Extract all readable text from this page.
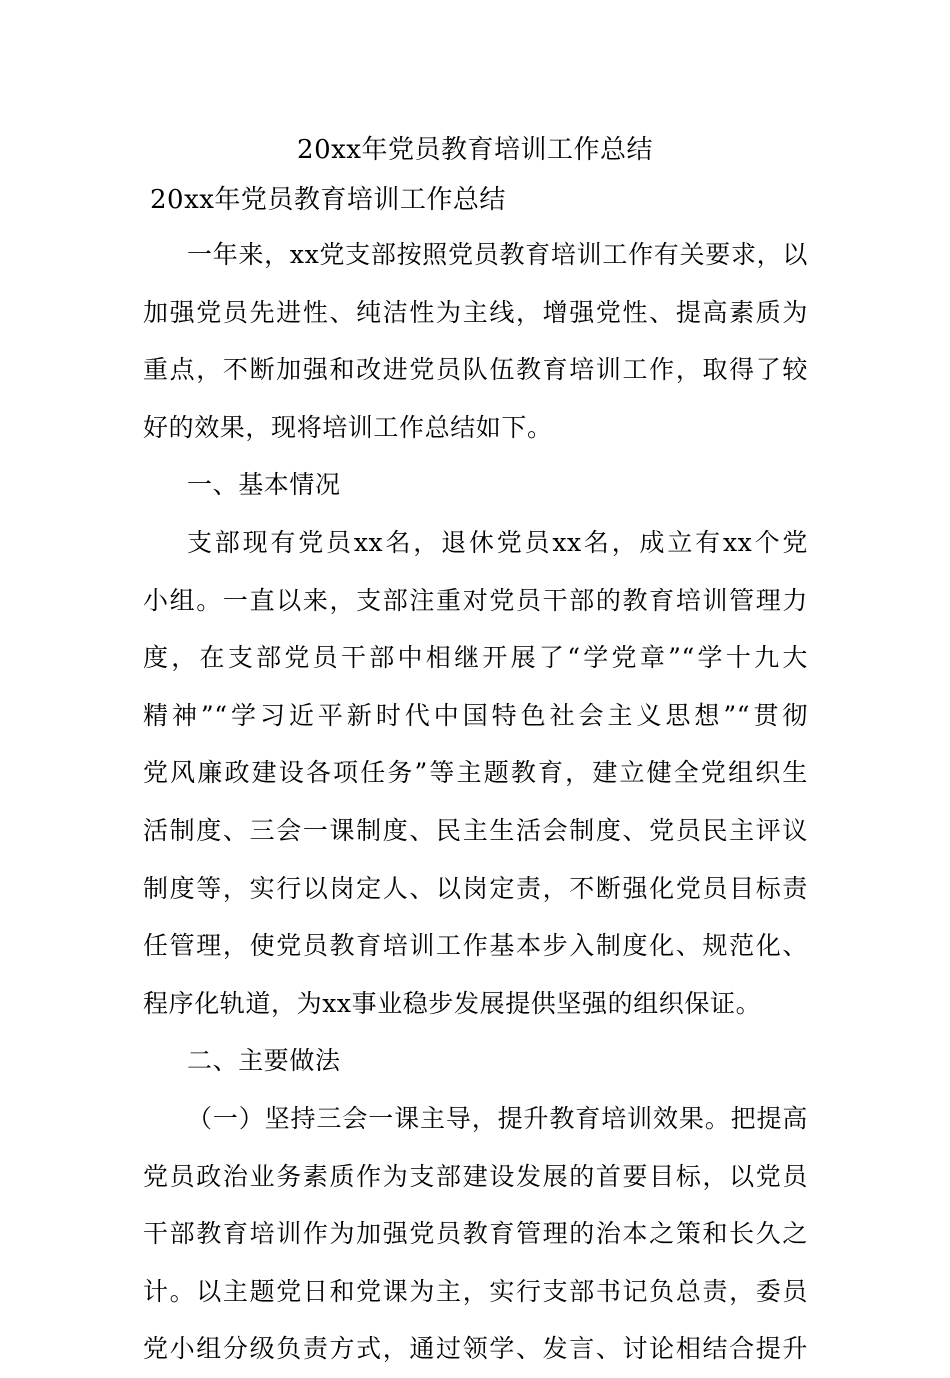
20xx年党员教育培训工作总结
20xx年党员教育培训工作总结
一年来，xx党支部按照党员教育培训工作有关要求，以
加强党员先进性、纯洁性为主线，增强党性、提高素质为
重点，不断加强和改进党员队伍教育培训工作，取得了较
好的效果，现将培训工作总结如下。
一、基本情况
支部现有党员xx名，退休党员xx名，成立有xx个党
小组。一直以来，支部注重对党员干部的教育培训管理力
度，在支部党员干部中相继开展了“学党章”“学十九大
精神”“学习近平新时代中国特色社会主义思想”“贯彻
党风廉政建设各项任务”等主题教育，建立健全党组织生
活制度、三会一课制度、民主生活会制度、党员民主评议
制度等，实行以岗定人、以岗定责，不断强化党员目标责
任管理，使党员教育培训工作基本步入制度化、规范化、
程序化轨道，为xx事业稳步发展提供坚强的组织保证。
二、主要做法
（一）坚持三会一课主导，提升教育培训效果。把提高
党员政治业务素质作为支部建设发展的首要目标，以党员
干部教育培训作为加强党员教育管理的治本之策和长久之
计。以主题党日和党课为主，实行支部书记负总责，委员
党小组分级负责方式，通过领学、发言、讨论相结合提升
